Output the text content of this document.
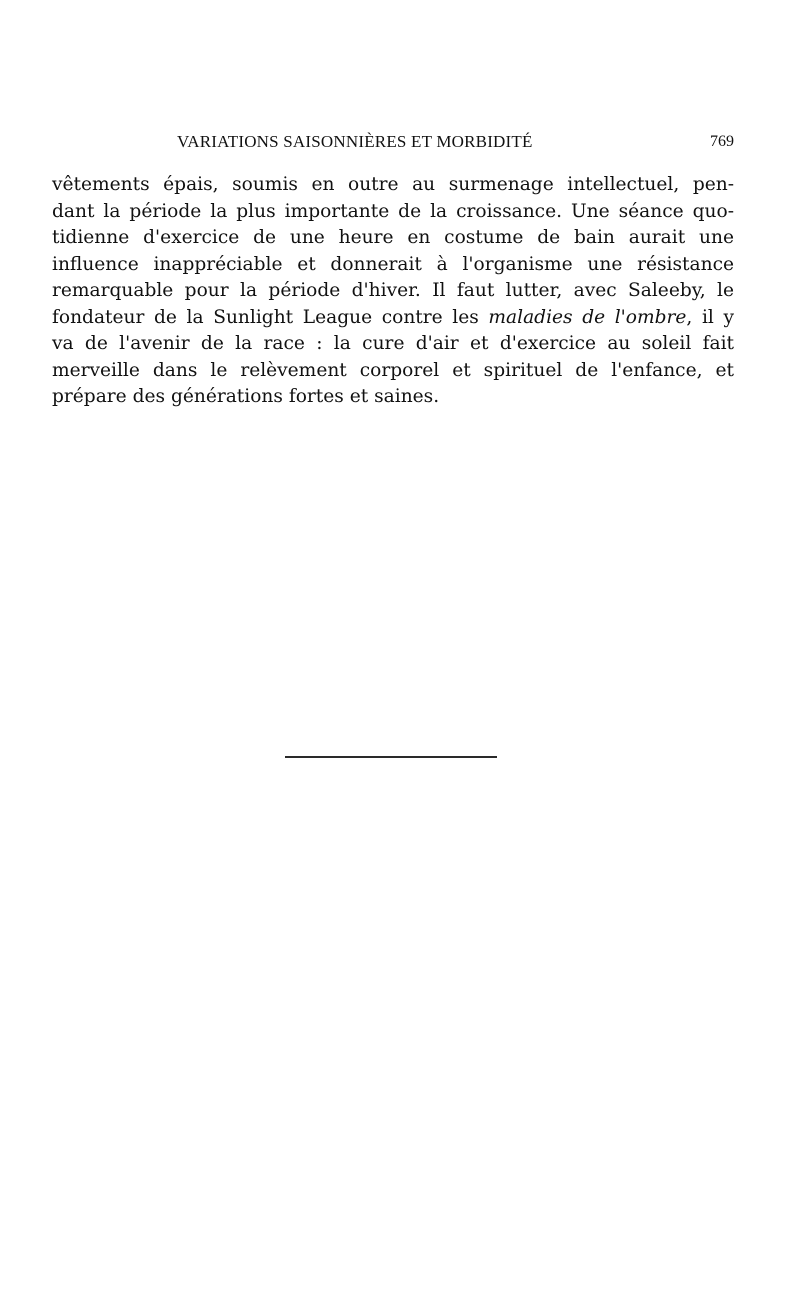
VARIATIONS SAISONNIÈRES ET MORBIDITÉ	769
vêtements épais, soumis en outre au surmenage intellectuel, pen-
dant la période la plus importante de la croissance. Une séance quo-
tidienne d'exercice de une heure en costume de bain aurait une
influence inappréciable et donnerait à l'organisme une résistance
remarquable pour la période d'hiver. Il faut lutter, avec Saleeby, le
fondateur de la Sunlight League contre les maladies de l'ombre, il y
va de l'avenir de la race : la cure d'air et d'exercice au soleil fait
merveille dans le relèvement corporel et spirituel de l'enfance, et
prépare des générations fortes et saines.
